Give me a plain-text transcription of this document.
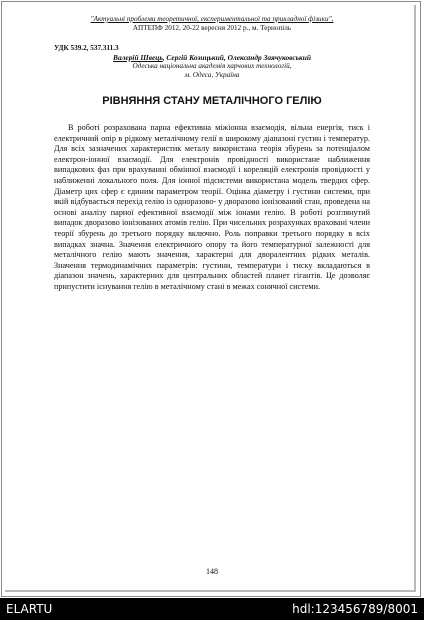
"Актуальні проблеми теоретичної, експериментальної та прикладної фізики",
АПТЕПФ 2012, 20-22 вересня 2012 р., м. Тернопіль
УДК 539.2, 537.311.3
Валерій Швець, Сергій Козицький, Олександр Заячуковський
Одеська національна академія харчових технологій,
м. Одеса, Україна
РІВНЯННЯ СТАНУ МЕТАЛІЧНОГО ГЕЛІЮ

В роботі розрахована парна ефективна міжіонна взаємодія, вільна енергія, тиск і електричний опір в рідкому металічному гелії в широкому діапазоні густин і температур. Для всіх зазначених характеристик металу використана теорія збурень за потенціалом електрон-іонної взаємодії. Для електронів провідності використане наближення випадкових фаз при врахуванні обмінної взаємодії і кореляцій електронів провідності у наближенні локального поля. Для іонної підсистеми використана модель твердих сфер. Діаметр цих сфер є єдиним параметром теорії. Оцінка діаметру і густини системи, при якій відбувається перехід гелію із одноразово- у дворазово іонізований стан, проведена на основі аналізу парної ефективної взаємодії між іонами гелію. В роботі розглянутий випадок дворазово іонізованих атомів гелію. При чисельних розрахунках враховані члени теорії збурень до третього порядку включно. Роль поправки третього порядку в всіх випадках значна. Значення електричного опору та його температурної залежності для металічного гелію мають значення, характерні для дворалентних рідких металів. Значення термодинамічних параметрів: густини, температури і тиску вкладаються в діапазон значень, характерних для центральних областей планет гігантів. Це дозволяє припустити існування гелію в металічному стані в межах сонячної системи.

148
ELARTU	hdl:123456789/8001
